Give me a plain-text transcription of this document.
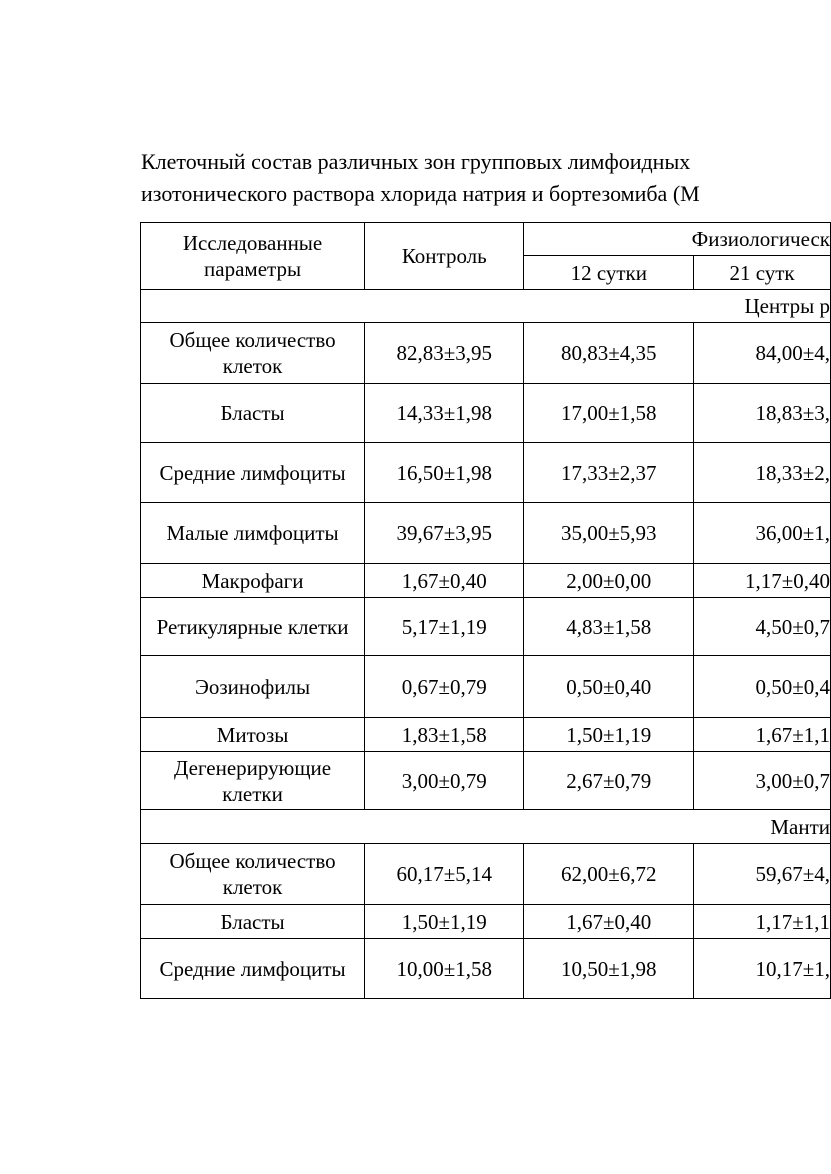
Клеточный состав различных зон групповых лимфоидных
изотонического раствора хлорида натрия и бортезомиба (М
Исследованные параметры	Контроль	Физиологическ	
		12 сутки	21 сутк
Центры р			
Общее количество клеток	82,83±3,95	80,83±4,35	84,00±4,
Бласты	14,33±1,98	17,00±1,58	18,83±3,
Средние лимфоциты	16,50±1,98	17,33±2,37	18,33±2,
Малые лимфоциты	39,67±3,95	35,00±5,93	36,00±1,
Макрофаги	1,67±0,40	2,00±0,00	1,17±0,40
Ретикулярные клетки	5,17±1,19	4,83±1,58	4,50±0,7
Эозинофилы	0,67±0,79	0,50±0,40	0,50±0,4
Митозы	1,83±1,58	1,50±1,19	1,67±1,1
Дегенерирующие клетки	3,00±0,79	2,67±0,79	3,00±0,7
Манти			
Общее количество клеток	60,17±5,14	62,00±6,72	59,67±4,
Бласты	1,50±1,19	1,67±0,40	1,17±1,1
Средние лимфоциты	10,00±1,58	10,50±1,98	10,17±1,
